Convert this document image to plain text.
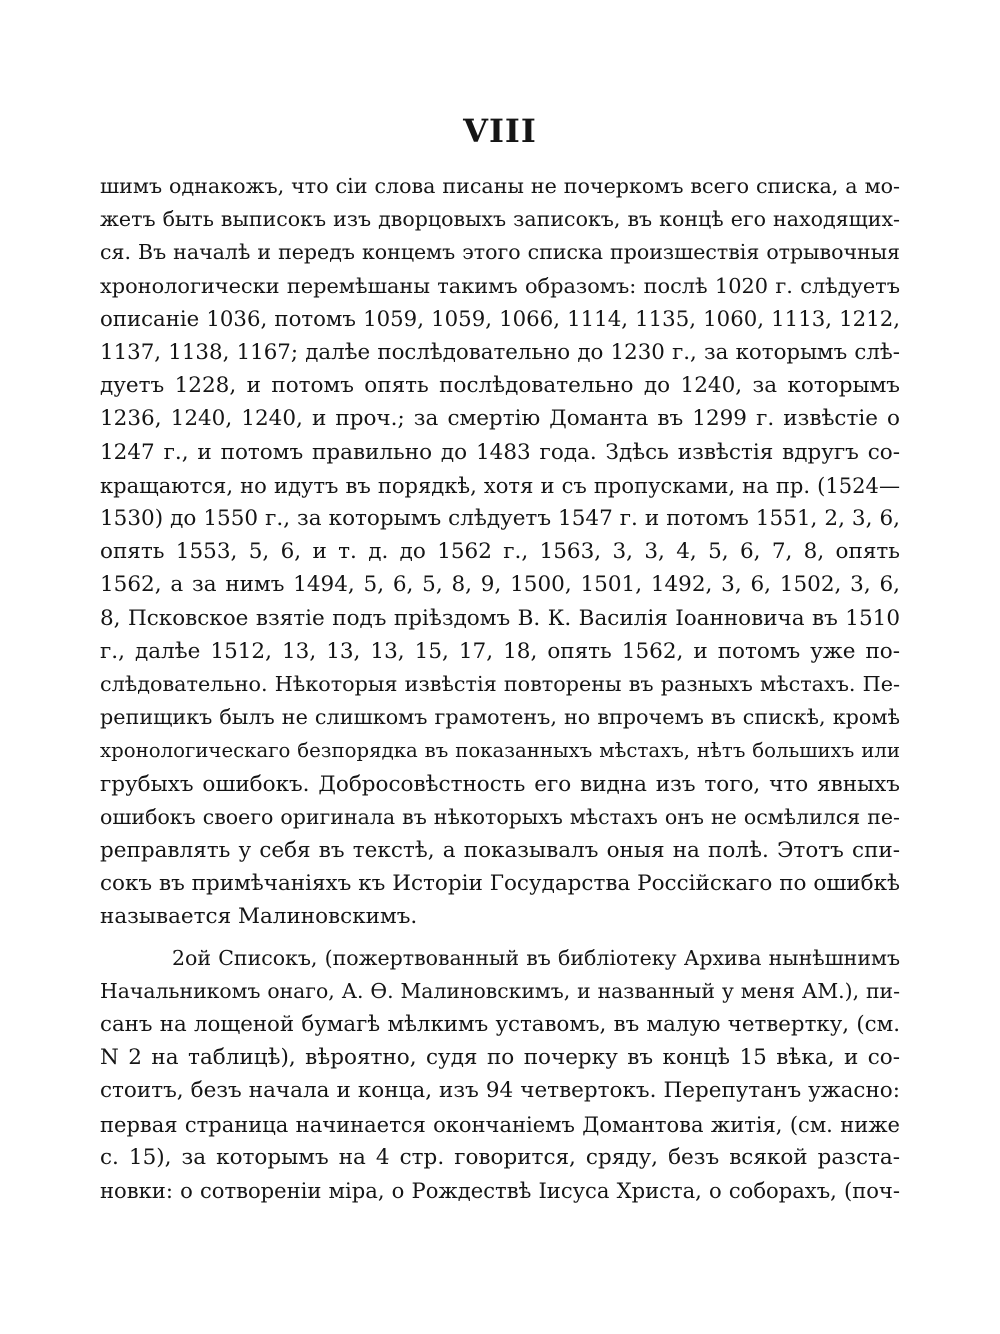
VIII
шимъ однакожъ, что сіи слова писаны не почеркомъ всего списка, а мо-
жетъ быть выписокъ изъ дворцовыхъ записокъ, въ концѣ его находящих-
ся. Въ началѣ и передъ концемъ этого списка произшествія отрывочныя
хронологически перемѣшаны такимъ образомъ: послѣ 1020 г. слѣдуетъ
описаніе 1036, потомъ 1059, 1059, 1066, 1114, 1135, 1060, 1113, 1212,
1137, 1138, 1167; далѣе послѣдовательно до 1230 г., за которымъ слѣ-
дуетъ 1228, и потомъ опять послѣдовательно до 1240, за которымъ
1236, 1240, 1240, и проч.; за смертію Доманта въ 1299 г. извѣстіе о
1247 г., и потомъ правильно до 1483 года. Здѣсь извѣстія вдругъ со-
кращаются, но идутъ въ порядкѣ, хотя и съ пропусками, на пр. (1524—
1530) до 1550 г., за которымъ слѣдуетъ 1547 г. и потомъ 1551, 2, 3, 6,
опять 1553, 5, 6, и т. д. до 1562 г., 1563, 3, 3, 4, 5, 6, 7, 8, опять
1562, а за нимъ 1494, 5, 6, 5, 8, 9, 1500, 1501, 1492, 3, 6, 1502, 3, 6,
8, Псковское взятіе подъ пріѣздомъ В. К. Василія Іоанновича въ 1510
г., далѣе 1512, 13, 13, 13, 15, 17, 18, опять 1562, и потомъ уже по-
слѣдовательно. Нѣкоторыя извѣстія повторены въ разныхъ мѣстахъ. Пе-
репищикъ былъ не слишкомъ грамотенъ, но впрочемъ въ спискѣ, кромѣ
хронологическаго безпорядка въ показанныхъ мѣстахъ, нѣтъ большихъ или
грубыхъ ошибокъ. Добросовѣстность его видна изъ того, что явныхъ
ошибокъ своего оригинала въ нѣкоторыхъ мѣстахъ онъ не осмѣлился пе-
реправлять у себя въ текстѣ, а показывалъ оныя на полѣ. Этотъ спи-
сокъ въ примѣчаніяхъ къ Исторіи Государства Россійскаго по ошибкѣ
называется Малиновскимъ.
2ой Списокъ, (пожертвованный въ библіотеку Архива нынѣшнимъ
Начальникомъ онаго, А. Ѳ. Малиновскимъ, и названный у меня АМ.), пи-
санъ на лощеной бумагѣ мѣлкимъ уставомъ, въ малую четвертку, (см.
N 2 на таблицѣ), вѣроятно, судя по почерку въ концѣ 15 вѣка, и со-
стоитъ, безъ начала и конца, изъ 94 четвертокъ. Перепутанъ ужасно:
первая страница начинается окончаніемъ Домантова житія, (см. ниже
с. 15), за которымъ на 4 стр. говорится, сряду, безъ всякой разста-
новки: о сотвореніи міра, о Рождествѣ Іисуса Христа, о соборахъ, (поч-
